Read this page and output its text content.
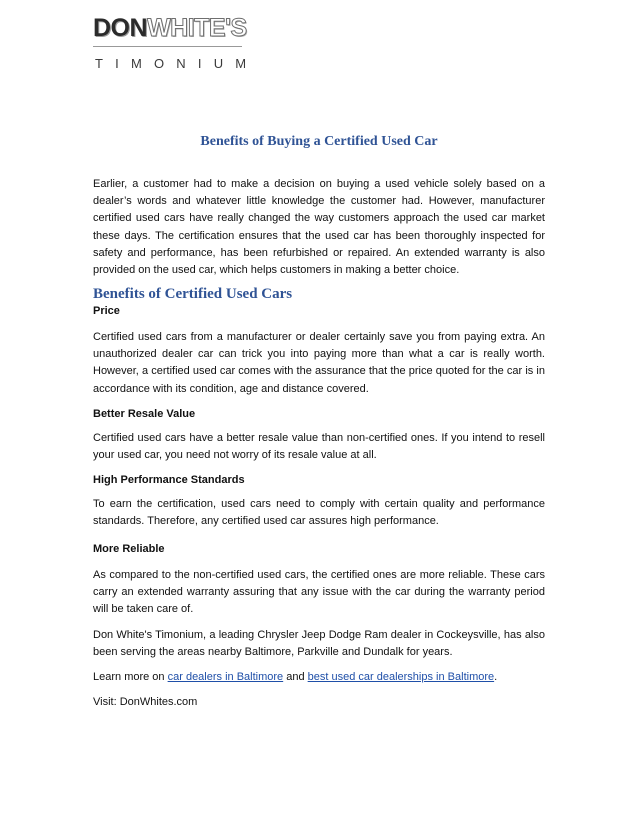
DONWHITE'S
TIMONIUM
Benefits of Buying a Certified Used Car

Earlier, a customer had to make a decision on buying a used vehicle solely based on a dealer’s words and whatever little knowledge the customer had. However, manufacturer certified used cars have really changed the way customers approach the used car market these days. The certification ensures that the used car has been thoroughly inspected for safety and performance, has been refurbished or repaired. An extended warranty is also provided on the used car, which helps customers in making a better choice.

Benefits of Certified Used Cars

Price

Certified used cars from a manufacturer or dealer certainly save you from paying extra. An unauthorized dealer car can trick you into paying more than what a car is really worth. However, a certified used car comes with the assurance that the price quoted for the car is in accordance with its condition, age and distance covered.

Better Resale Value

Certified used cars have a better resale value than non-certified ones. If you intend to resell your used car, you need not worry of its resale value at all.

High Performance Standards

To earn the certification, used cars need to comply with certain quality and performance standards. Therefore, any certified used car assures high performance.

More Reliable

As compared to the non-certified used cars, the certified ones are more reliable. These cars carry an extended warranty assuring that any issue with the car during the warranty period will be taken care of.

Don White's Timonium, a leading Chrysler Jeep Dodge Ram dealer in Cockeysville, has also been serving the areas nearby Baltimore, Parkville and Dundalk for years.

Learn more on car dealers in Baltimore and best used car dealerships in Baltimore.

Visit: DonWhites.com
